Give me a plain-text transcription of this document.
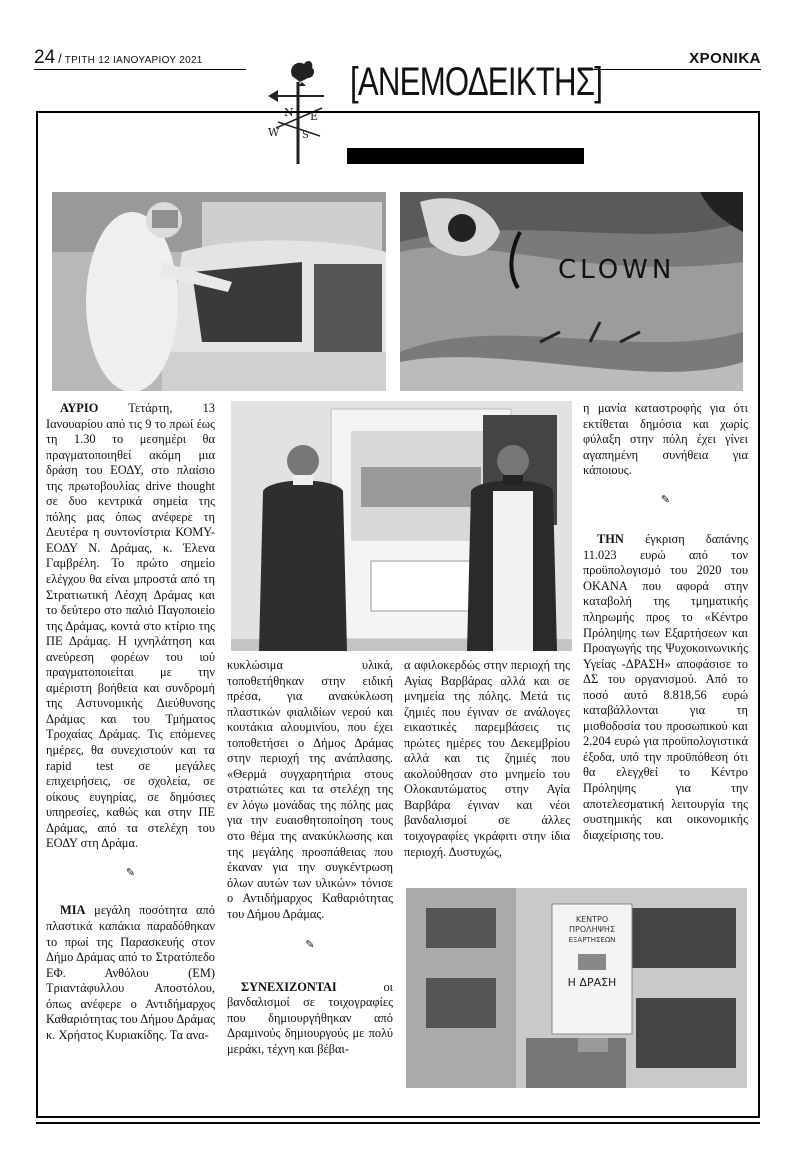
24 / ΤΡΙΤΗ 12 ΙΑΝΟΥΑΡΙΟΥ 2021	ΧΡΟΝΙΚΑ
W
N E
S
[ΑΝΕΜΟΔΕΙΚΤΗΣ]
CLOWN
ΚΕΝΤΡΟ
ΠΡΟΛΗΨΗΣ
ΕΞΑΡΤΗΣΕΩΝ
Η ΔΡΑΣΗ

ΑΥΡΙΟ Τετάρτη, 13 Ιανουαρίου από τις 9 το πρωί έως τη 1.30 το μεσημέρι θα πραγματοποιηθεί ακόμη μια δράση του ΕΟΔΥ, στο πλαίσιο της πρωτοβουλίας drive thought σε δυο κεντρικά σημεία της πόλης μας όπως ανέφερε τη Δευτέρα η συντονίστρια ΚΟΜΥ-ΕΟΔΥ Ν. Δράμας, κ. Έλενα Γαμβρέλη. Το πρώτο σημείο ελέγχου θα είναι μπροστά από τη Στρατιωτική Λέσχη Δράμας και το δεύτερο στο παλιό Παγοποιείο της Δράμας, κοντά στο κτίριο της ΠΕ Δράμας. Η ιχνηλάτηση και ανεύρεση φορέων του ιού πραγματοποιείται με την αμέριστη βοήθεια και συνδρομή της Αστυνομικής Διεύθυνσης Δράμας και του Τμήματος Τροχαίας Δράμας. Τις επόμενες ημέρες, θα συνεχιστούν και τα rapid test σε μεγάλες επιχειρήσεις, σε σχολεία, σε οίκους ευγηρίας, σε δημόσιες υπηρεσίες, καθώς και στην ΠΕ Δράμας, από τα στελέχη του ΕΟΔΥ στη Δράμα.

✎

ΜΙΑ μεγάλη ποσότητα από πλαστικά καπάκια παραδόθηκαν το πρωί της Παρασκευής στον Δήμο Δράμας από το Στρατόπεδο ΕΦ. Ανθόλου (ΕΜ) Τριαντάφυλλου Αποστόλου, όπως ανέφερε ο Αντιδήμαρχος Καθαριότητας του Δήμου Δράμας κ. Χρήστος Κυριακίδης. Τα ανα-

κυκλώσιμα υλικά, τοποθετήθηκαν στην ειδική πρέσα, για ανακύκλωση πλαστικών φιαλιδίων νερού και κουτάκια αλουμινίου, που έχει τοποθετήσει ο Δήμος Δράμας στην περιοχή της ανάπλασης. «Θερμά συγχαρητήρια στους στρατιώτες και τα στελέχη της εν λόγω μονάδας της πόλης μας για την ευαισθητοποίηση τους στο θέμα της ανακύκλωσης και της μεγάλης προσπάθειας που έκαναν για την συγκέντρωση όλων αυτών των υλικών» τόνισε ο Αντιδήμαρχος Καθαριότητας του Δήμου Δράμας.

✎

ΣΥΝΕΧΙΖΟΝΤΑΙ οι βανδαλισμοί σε τοιχογραφίες που δημιουργήθηκαν από Δραμινούς δημιουργούς με πολύ μεράκι, τέχνη και βέβαι-

α αφιλοκερδώς στην περιοχή της Αγίας Βαρβάρας αλλά και σε μνημεία της πόλης. Μετά τις ζημιές που έγιναν σε ανάλογες εικαστικές παρεμβάσεις τις πρώτες ημέρες του Δεκεμβρίου αλλά και τις ζημιές που ακολούθησαν στο μνημείο του Ολοκαυτώματος στην Αγία Βαρβάρα έγιναν και νέοι βανδαλισμοί σε άλλες τοιχογραφίες γκράφιτι στην ίδια περιοχή. Δυστυχώς,

η μανία καταστροφής για ότι εκτίθεται δημόσια και χωρίς φύλαξη στην πόλη έχει γίνει αγαπημένη συνήθεια για κάποιους.

✎

ΤΗΝ έγκριση δαπάνης 11.023 ευρώ από τον προϋπολογισμό του 2020 του ΟΚΑΝΑ που αφορά στην καταβολή της τμηματικής πληρωμής προς το «Κέντρο Πρόληψης των Εξαρτήσεων και Προαγωγής της Ψυχοκοινωνικής Υγείας -ΔΡΑΣΗ» αποφάσισε το ΔΣ του οργανισμού. Από το ποσό αυτό 8.818,56 ευρώ καταβάλλονται για τη μισθοδοσία του προσωπικού και 2.204 ευρώ για προϋπολογιστικά έξοδα, υπό την προϋπόθεση ότι θα ελεγχθεί το Κέντρο Πρόληψης για την αποτελεσματική λειτουργία της συστημικής και οικονομικής διαχείρισης του.
